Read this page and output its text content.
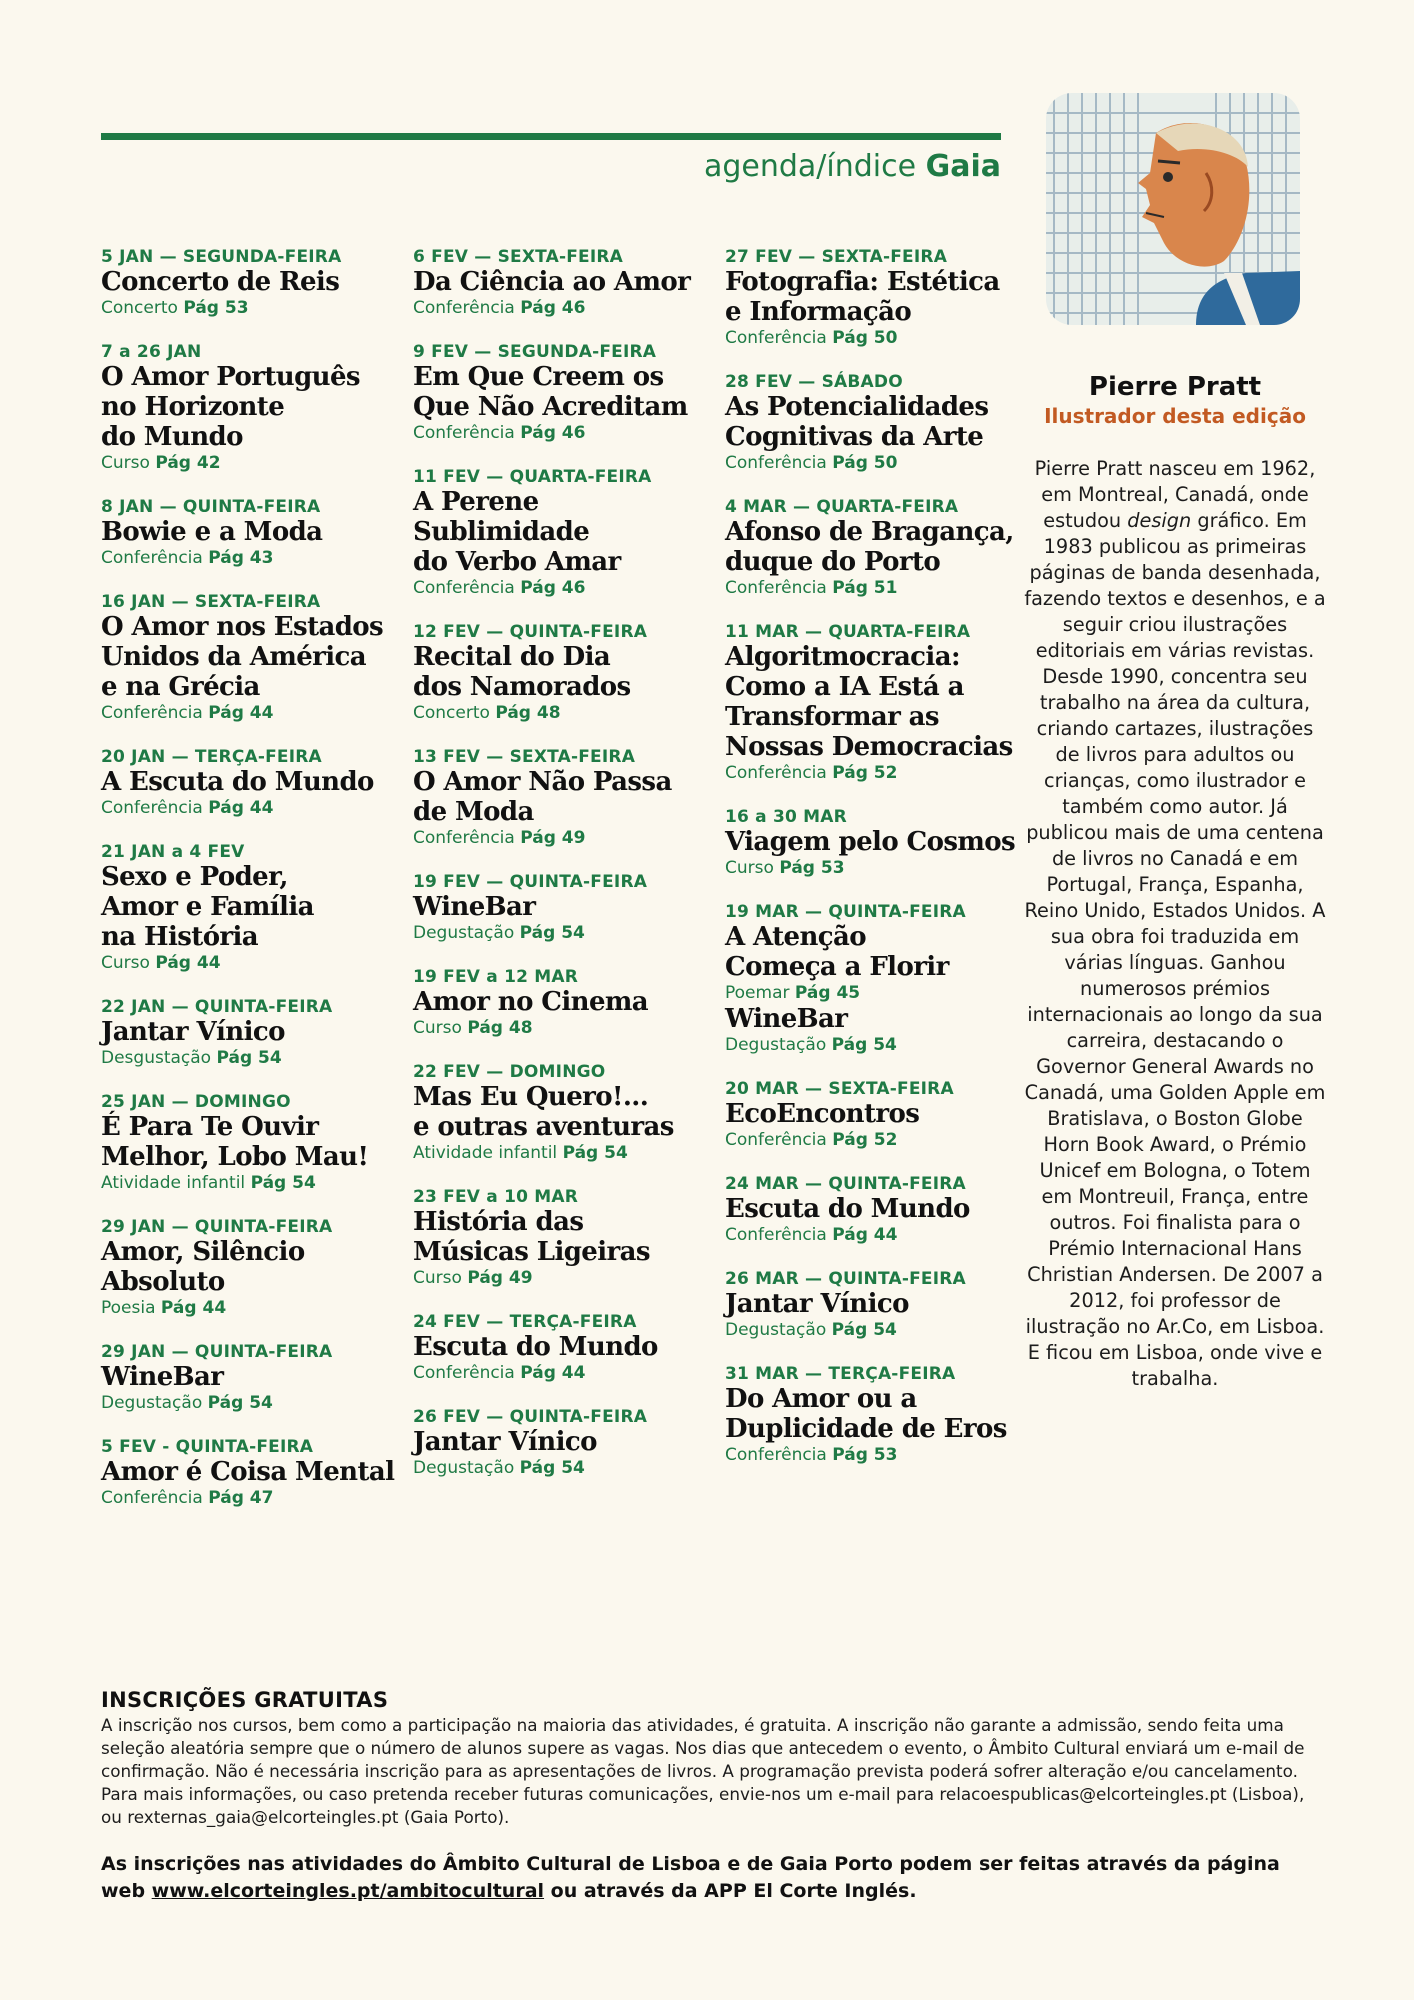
agenda/índice Gaia
5 JAN — SEGUNDA-FEIRA
Concerto de Reis
Concerto Pág 53
7 a 26 JAN
O Amor Português
no Horizonte
do Mundo
Curso Pág 42
8 JAN — QUINTA-FEIRA
Bowie e a Moda
Conferência Pág 43
16 JAN — SEXTA-FEIRA
O Amor nos Estados
Unidos da América
e na Grécia
Conferência Pág 44
20 JAN — TERÇA-FEIRA
A Escuta do Mundo
Conferência Pág 44
21 JAN a 4 FEV
Sexo e Poder,
Amor e Família
na História
Curso Pág 44
22 JAN — QUINTA-FEIRA
Jantar Vínico
Desgustação Pág 54
25 JAN — DOMINGO
É Para Te Ouvir
Melhor, Lobo Mau!
Atividade infantil Pág 54
29 JAN — QUINTA-FEIRA
Amor, Silêncio
Absoluto
Poesia Pág 44
29 JAN — QUINTA-FEIRA
WineBar
Degustação Pág 54
5 FEV - QUINTA-FEIRA
Amor é Coisa Mental
Conferência Pág 47
6 FEV — SEXTA-FEIRA
Da Ciência ao Amor
Conferência Pág 46
9 FEV — SEGUNDA-FEIRA
Em Que Creem os
Que Não Acreditam
Conferência Pág 46
11 FEV — QUARTA-FEIRA
A Perene
Sublimidade
do Verbo Amar
Conferência Pág 46
12 FEV — QUINTA-FEIRA
Recital do Dia
dos Namorados
Concerto Pág 48
13 FEV — SEXTA-FEIRA
O Amor Não Passa
de Moda
Conferência Pág 49
19 FEV — QUINTA-FEIRA
WineBar
Degustação Pág 54
19 FEV a 12 MAR
Amor no Cinema
Curso Pág 48
22 FEV — DOMINGO
Mas Eu Quero!...
e outras aventuras
Atividade infantil Pág 54
23 FEV a 10 MAR
História das
Músicas Ligeiras
Curso Pág 49
24 FEV — TERÇA-FEIRA
Escuta do Mundo
Conferência Pág 44
26 FEV — QUINTA-FEIRA
Jantar Vínico
Degustação Pág 54
27 FEV — SEXTA-FEIRA
Fotografia: Estética
e Informação
Conferência Pág 50
28 FEV — SÁBADO
As Potencialidades
Cognitivas da Arte
Conferência Pág 50
4 MAR — QUARTA-FEIRA
Afonso de Bragança,
duque do Porto
Conferência Pág 51
11 MAR — QUARTA-FEIRA
Algoritmocracia:
Como a IA Está a
Transformar as
Nossas Democracias
Conferência Pág 52
16 a 30 MAR
Viagem pelo Cosmos
Curso Pág 53
19 MAR — QUINTA-FEIRA
A Atenção
Começa a Florir
Poemar Pág 45
WineBar
Degustação Pág 54
20 MAR — SEXTA-FEIRA
EcoEncontros
Conferência Pág 52
24 MAR — QUINTA-FEIRA
Escuta do Mundo
Conferência Pág 44
26 MAR — QUINTA-FEIRA
Jantar Vínico
Degustação Pág 54
31 MAR — TERÇA-FEIRA
Do Amor ou a
Duplicidade de Eros
Conferência Pág 53
Pierre Pratt
Ilustrador desta edição
Pierre Pratt nasceu em 1962, em Montreal, Canadá, onde estudou design gráfico. Em 1983 publicou as primeiras páginas de banda desenhada, fazendo textos e desenhos, e a seguir criou ilustrações editoriais em várias revistas. Desde 1990, concentra seu trabalho na área da cultura, criando cartazes, ilustrações de livros para adultos ou crianças, como ilustrador e também como autor. Já publicou mais de uma centena de livros no Canadá e em Portugal, França, Espanha, Reino Unido, Estados Unidos. A sua obra foi traduzida em várias línguas. Ganhou numerosos prémios internacionais ao longo da sua carreira, destacando o Governor General Awards no Canadá, uma Golden Apple em Bratislava, o Boston Globe Horn Book Award, o Prémio Unicef em Bologna, o Totem em Montreuil, França, entre outros. Foi finalista para o Prémio Internacional Hans Christian Andersen. De 2007 a 2012, foi professor de ilustração no Ar.Co, em Lisboa. E ficou em Lisboa, onde vive e trabalha.
INSCRIÇÕES GRATUITAS
A inscrição nos cursos, bem como a participação na maioria das atividades, é gratuita. A inscrição não garante a admissão, sendo feita uma seleção aleatória sempre que o número de alunos supere as vagas. Nos dias que antecedem o evento, o Âmbito Cultural enviará um e-mail de confirmação. Não é necessária inscrição para as apresentações de livros. A programação prevista poderá sofrer alteração e/ou cancelamento. Para mais informações, ou caso pretenda receber futuras comunicações, envie-nos um e-mail para relacoespublicas@elcorteingles.pt (Lisboa), ou rexternas_gaia@elcorteingles.pt (Gaia Porto).
As inscrições nas atividades do Âmbito Cultural de Lisboa e de Gaia Porto podem ser feitas através da página web www.elcorteingles.pt/ambitocultural ou através da APP El Corte Inglés.
